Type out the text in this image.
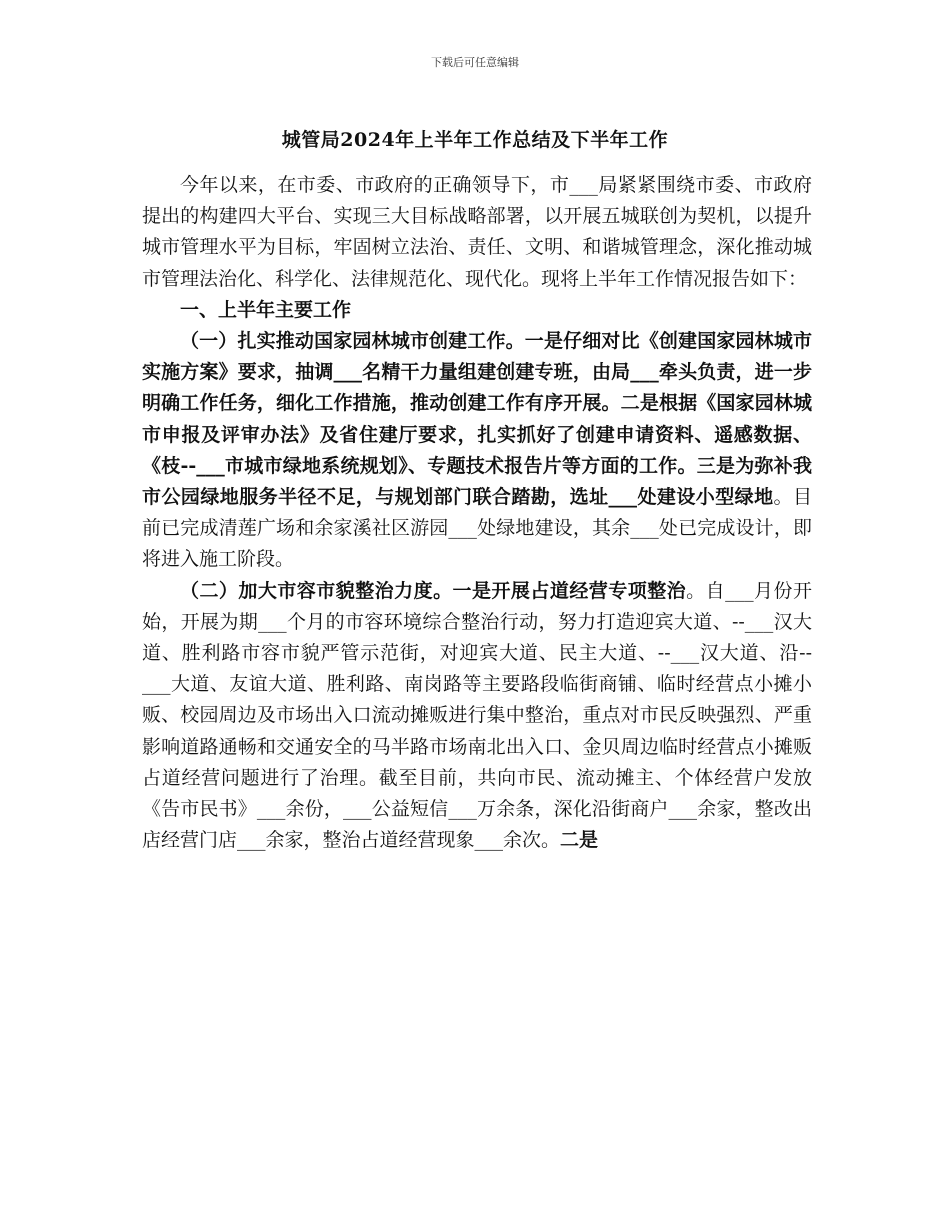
下载后可任意编辑
城管局2024年上半年工作总结及下半年工作

今年以来，在市委、市政府的正确领导下，市___局紧紧围绕市委、市政府提出的构建四大平台、实现三大目标战略部署，以开展五城联创为契机，以提升城市管理水平为目标，牢固树立法治、责任、文明、和谐城管理念，深化推动城市管理法治化、科学化、法律规范化、现代化。现将上半年工作情况报告如下：

一、上半年主要工作

（一）扎实推动国家园林城市创建工作。一是仔细对比《创建国家园林城市实施方案》要求，抽调___名精干力量组建创建专班，由局___牵头负责，进一步明确工作任务，细化工作措施，推动创建工作有序开展。二是根据《国家园林城市申报及评审办法》及省住建厅要求，扎实抓好了创建申请资料、遥感数据、《枝--___市城市绿地系统规划》、专题技术报告片等方面的工作。三是为弥补我市公园绿地服务半径不足，与规划部门联合踏勘，选址___处建设小型绿地。目前已完成清莲广场和余家溪社区游园___处绿地建设，其余___处已完成设计，即将进入施工阶段。

（二）加大市容市貌整治力度。一是开展占道经营专项整治。自___月份开始，开展为期___个月的市容环境综合整治行动，努力打造迎宾大道、--___汉大道、胜利路市容市貌严管示范街，对迎宾大道、民主大道、--___汉大道、沿--___大道、友谊大道、胜利路、南岗路等主要路段临街商铺、临时经营点小摊小贩、校园周边及市场出入口流动摊贩进行集中整治，重点对市民反映强烈、严重影响道路通畅和交通安全的马半路市场南北出入口、金贝周边临时经营点小摊贩占道经营问题进行了治理。截至目前，共向市民、流动摊主、个体经营户发放《告市民书》___余份，___公益短信___万余条，深化沿街商户___余家，整改出店经营门店___余家，整治占道经营现象___余次。二是
